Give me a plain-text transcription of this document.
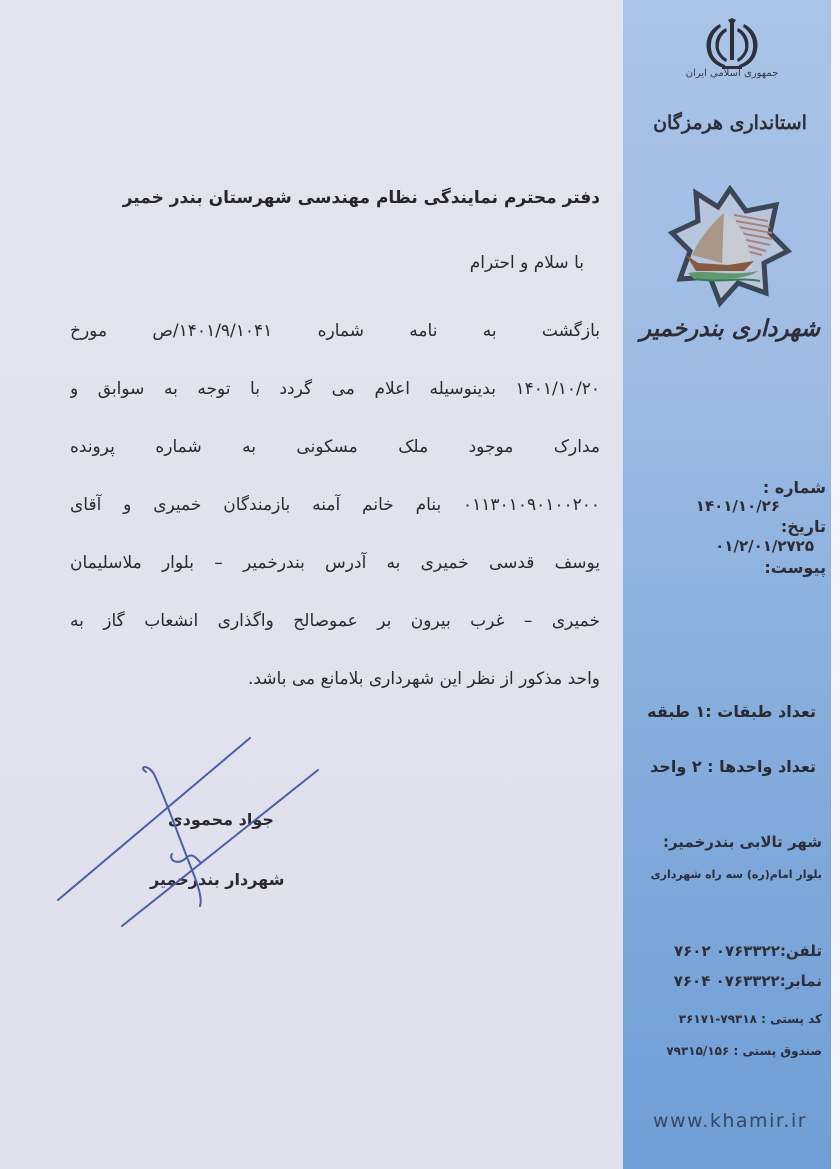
جمهوری اسلامی ایران
استانداری هرمزگان
شهرداری بندرخمیر
شماره :
۱۴۰۱/۱۰/۲۶
تاریخ:
۰۱/۲/۰۱/۲۷۲۵
پیوست:
دفتر محترم نمایندگی نظام مهندسی شهرستان بندر خمیر
با سلام و احترام
بازگشت به نامه شماره ۱۴۰۱/۹/۱۰۴۱/ص مورخ
۱۴۰۱/۱۰/۲۰ بدینوسیله اعلام می گردد با توجه به سوابق و
مدارک موجود ملک مسکونی به شماره پرونده
۰۱۱۳۰۱۰۹۰۱۰۰۲۰۰ بنام خانم آمنه بازمندگان خمیری و آقای
یوسف قدسی خمیری به آدرس بندرخمیر – بلوار ملاسلیمان
خمیری – غرب بیرون بر عموصالح واگذاری انشعاب گاز به
واحد مذکور از نظر این شهرداری بلامانع می باشد.
تعداد طبقات :۱ طبقه
تعداد واحدها : ۲ واحد
جواد محمودی
شهردار بندرخمیر
شهر تالابی بندرخمیر:
بلوار امام(ره) سه راه شهرداری
تلفن:۰۷۶۳۳۲۲ ۷۶۰۲
نمابر:۰۷۶۳۳۲۲ ۷۶۰۴
کد پستی : ۷۹۳۱۸-۳۶۱۷۱
صندوق پستی : ۷۹۳۱۵/۱۵۶
www.khamir.ir
